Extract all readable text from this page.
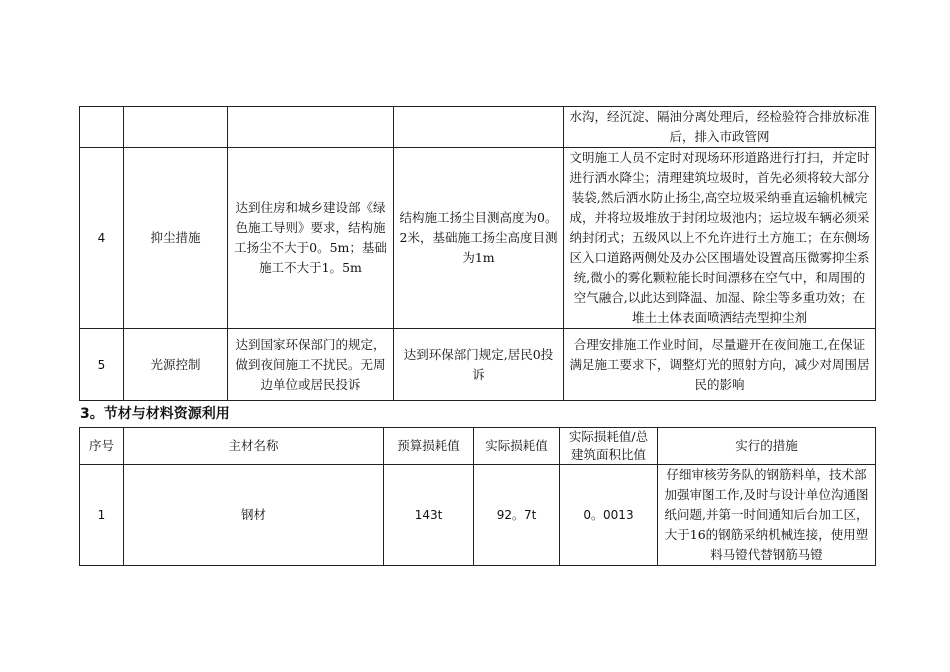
				水沟，经沉淀、隔油分离处理后，经检验符合排放标准后，排入市政管网
4	抑尘措施	达到住房和城乡建设部《绿色施工导则》要求，结构施工扬尘不大于0。5m；基础施工不大于1。5m	结构施工扬尘目测高度为0。2米，基础施工扬尘高度目测为1m	文明施工人员不定时对现场环形道路进行打扫，并定时进行洒水降尘；清理建筑垃圾时，首先必须将较大部分装袋,然后洒水防止扬尘,高空垃圾采纳垂直运输机械完成，并将垃圾堆放于封闭垃圾池内；运垃圾车辆必须采纳封闭式；五级风以上不允许进行土方施工；在东侧场区入口道路两侧处及办公区围墙处设置高压微雾抑尘系统,微小的雾化颗粒能长时间漂移在空气中，和周围的空气融合,以此达到降温、加湿、除尘等多重功效；在堆土土体表面喷洒结壳型抑尘剂
5	光源控制	达到国家环保部门的规定，做到夜间施工不扰民。无周边单位或居民投诉	达到环保部门规定,居民0投诉	合理安排施工作业时间，尽量避开在夜间施工,在保证满足施工要求下，调整灯光的照射方向，减少对周围居民的影响
3。节材与材料资源利用
序号	主材名称	预算损耗值	实际损耗值	实际损耗值/总建筑面积比值	实行的措施
1	钢材	143t	92。7t	0。0013	仔细审核劳务队的钢筋料单，技术部加强审图工作,及时与设计单位沟通图纸问题,并第一时间通知后台加工区，大于16的钢筋采纳机械连接，使用塑料马镫代替钢筋马镫
